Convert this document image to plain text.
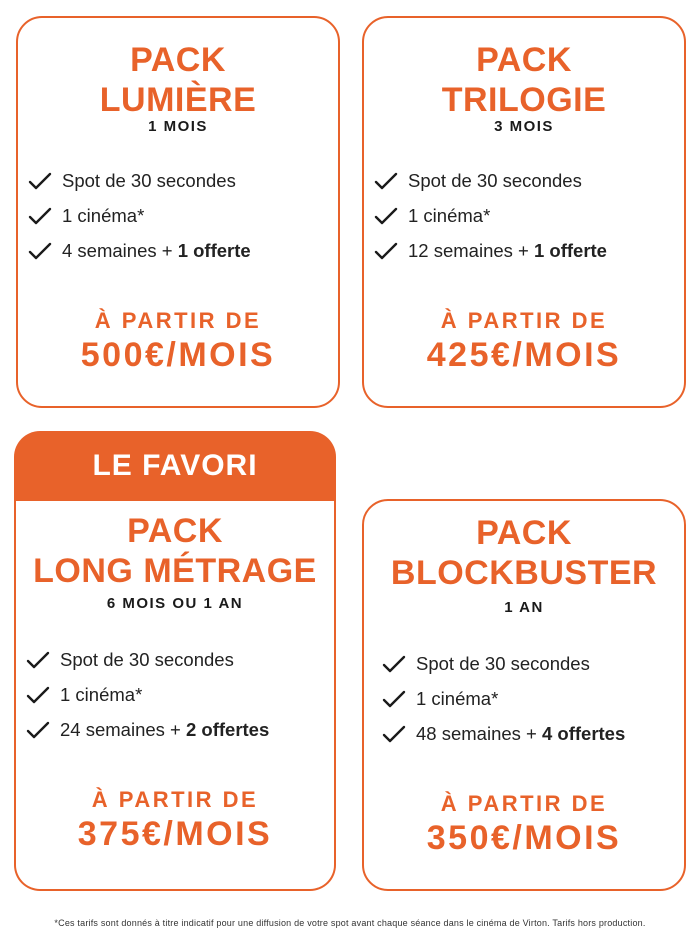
PACK
LUMIÈRE
1 MOIS
Spot de 30 secondes
1 cinéma*
4 semaines + 1 offerte
À PARTIR DE
500€/MOIS
PACK
TRILOGIE
3 MOIS
Spot de 30 secondes
1 cinéma*
12 semaines + 1 offerte
À PARTIR DE
425€/MOIS
LE FAVORI
PACK
LONG MÉTRAGE
6 MOIS OU 1 AN
Spot de 30 secondes
1 cinéma*
24 semaines + 2 offertes
À PARTIR DE
375€/MOIS
PACK
BLOCKBUSTER
1 AN
Spot de 30 secondes
1 cinéma*
48 semaines + 4 offertes
À PARTIR DE
350€/MOIS
*Ces tarifs sont donnés à titre indicatif pour une diffusion de votre spot avant chaque séance dans le cinéma de Virton. Tarifs hors production.
